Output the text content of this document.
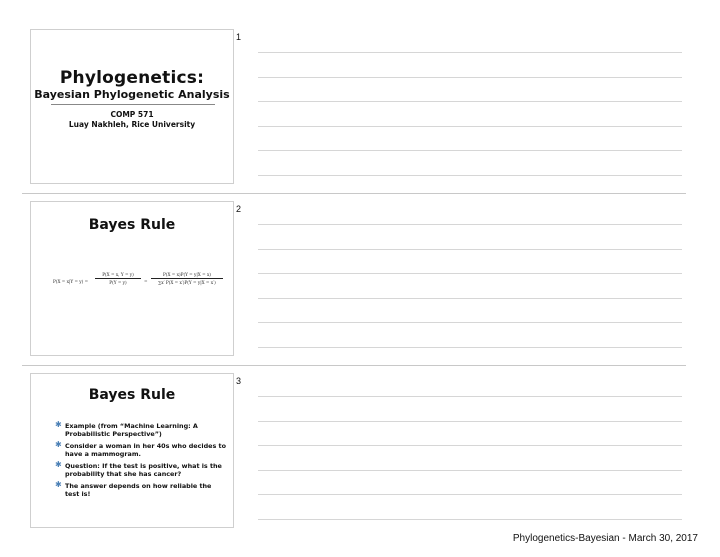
1
Phylogenetics:
Bayesian Phylogenetic Analysis
COMP 571
Luay Nakhleh, Rice University
2
Bayes Rule
P(X = x|Y = y) =
P(X = x, Y = y)
P(Y = y)	=
P(X = x)P(Y = y|X = x)
∑x′ P(X = x′)P(Y = y|X = x′)
3
Bayes Rule
✱ Example (from “Machine Learning: A Probabilistic Perspective”)
✱ Consider a woman in her 40s who decides to have a mammogram.
✱ Question: If the test is positive, what is the probability that she has cancer?
✱ The answer depends on how reliable the test is!
Phylogenetics-Bayesian - March 30, 2017
